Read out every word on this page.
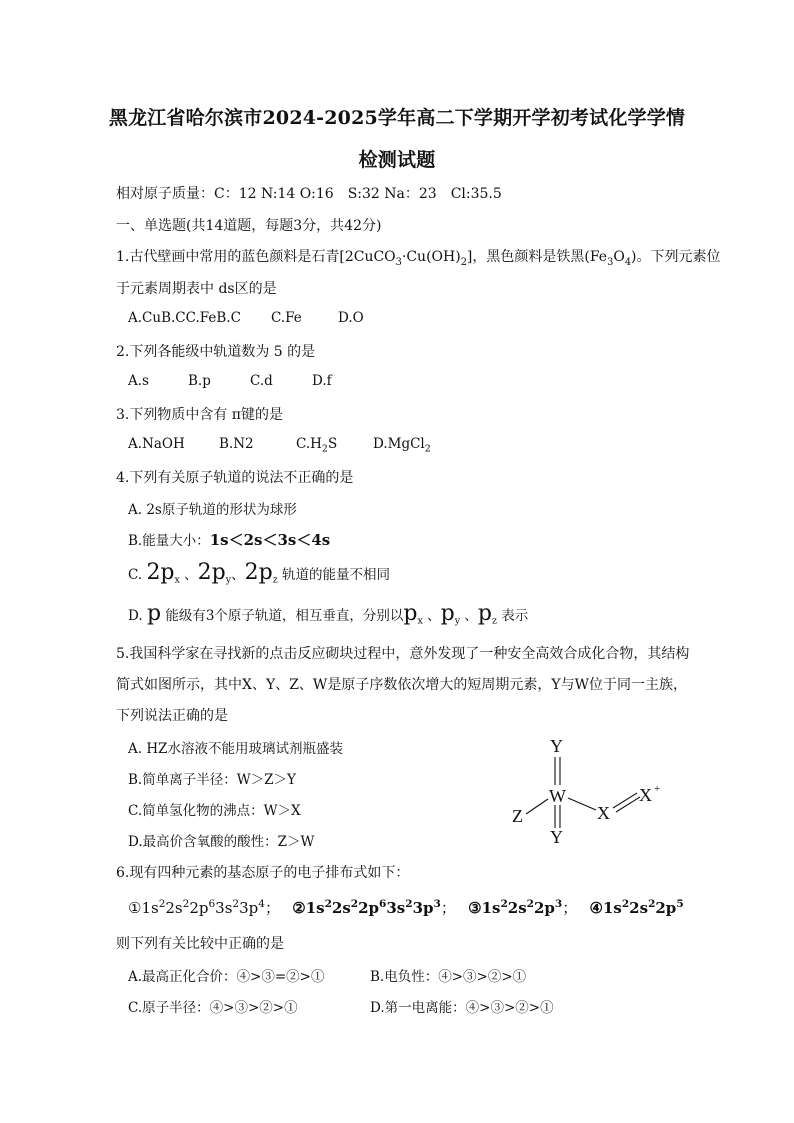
黑龙江省哈尔滨市2024-2025学年高二下学期开学初考试化学学情
检测试题
相对原子质量：C：12 N:14 O:16　S:32 Na：23　Cl:35.5
一、单选题(共14道题，每题3分，共42分)
1.古代壁画中常用的蓝色颜料是石青$[2CuCO_3\cdot Cu(OH)_2]$，黑色颜料是铁黑$(Fe_3O_4)$。下列元素位
于元素周期表中 ds区的是
A.CuB.CC.FeB.C C.Fe	D.O
2.下列各能级中轨道数为 5 的是
A.s	B.p	C.d	D.f
3.下列物质中含有 π键的是
A.NaOH	B.N2	$C.H_2S$	D.MgCl$_2$
4.下列有关原子轨道的说法不正确的是
A. 2s原子轨道的形状为球形
B.能量大小：1s＜2s＜3s＜4s
C. $2p_x$ 、$2p_y$、$2p_z$ 轨道的能量不相同
D. p 能级有3个原子轨道，相互垂直，分别以$p_x$ 、$p_y$ 、$p_z$ 表示
5.我国科学家在寻找新的点击反应砌块过程中，意外发现了一种安全高效合成化合物，其结构
简式如图所示，其中X、Y、Z、W是原子序数依次增大的短周期元素，Y与W位于同一主族，
下列说法正确的是
A. HZ水溶液不能用玻璃试剂瓶盛装
B.简单离子半径：W＞Z＞Y
C.简单氢化物的沸点：W＞X
D.最高价含氧酸的酸性：Z＞W
Y
W
Z	X
X +
Y
6.现有四种元素的基态原子的电子排布式如下：
$①1s^22s^22p^63s^23p^4$；　 $②1s^22s^22p^63s^23p^3$；　 $③1s^22s^22p^3$；　 $④1s^22s^22p^5$
则下列有关比较中正确的是
A.最高正化合价：④>③=②>①	B.电负性：④>③>②>①
C.原子半径：④>③>②>①	D.第一电离能：④>③>②>①
